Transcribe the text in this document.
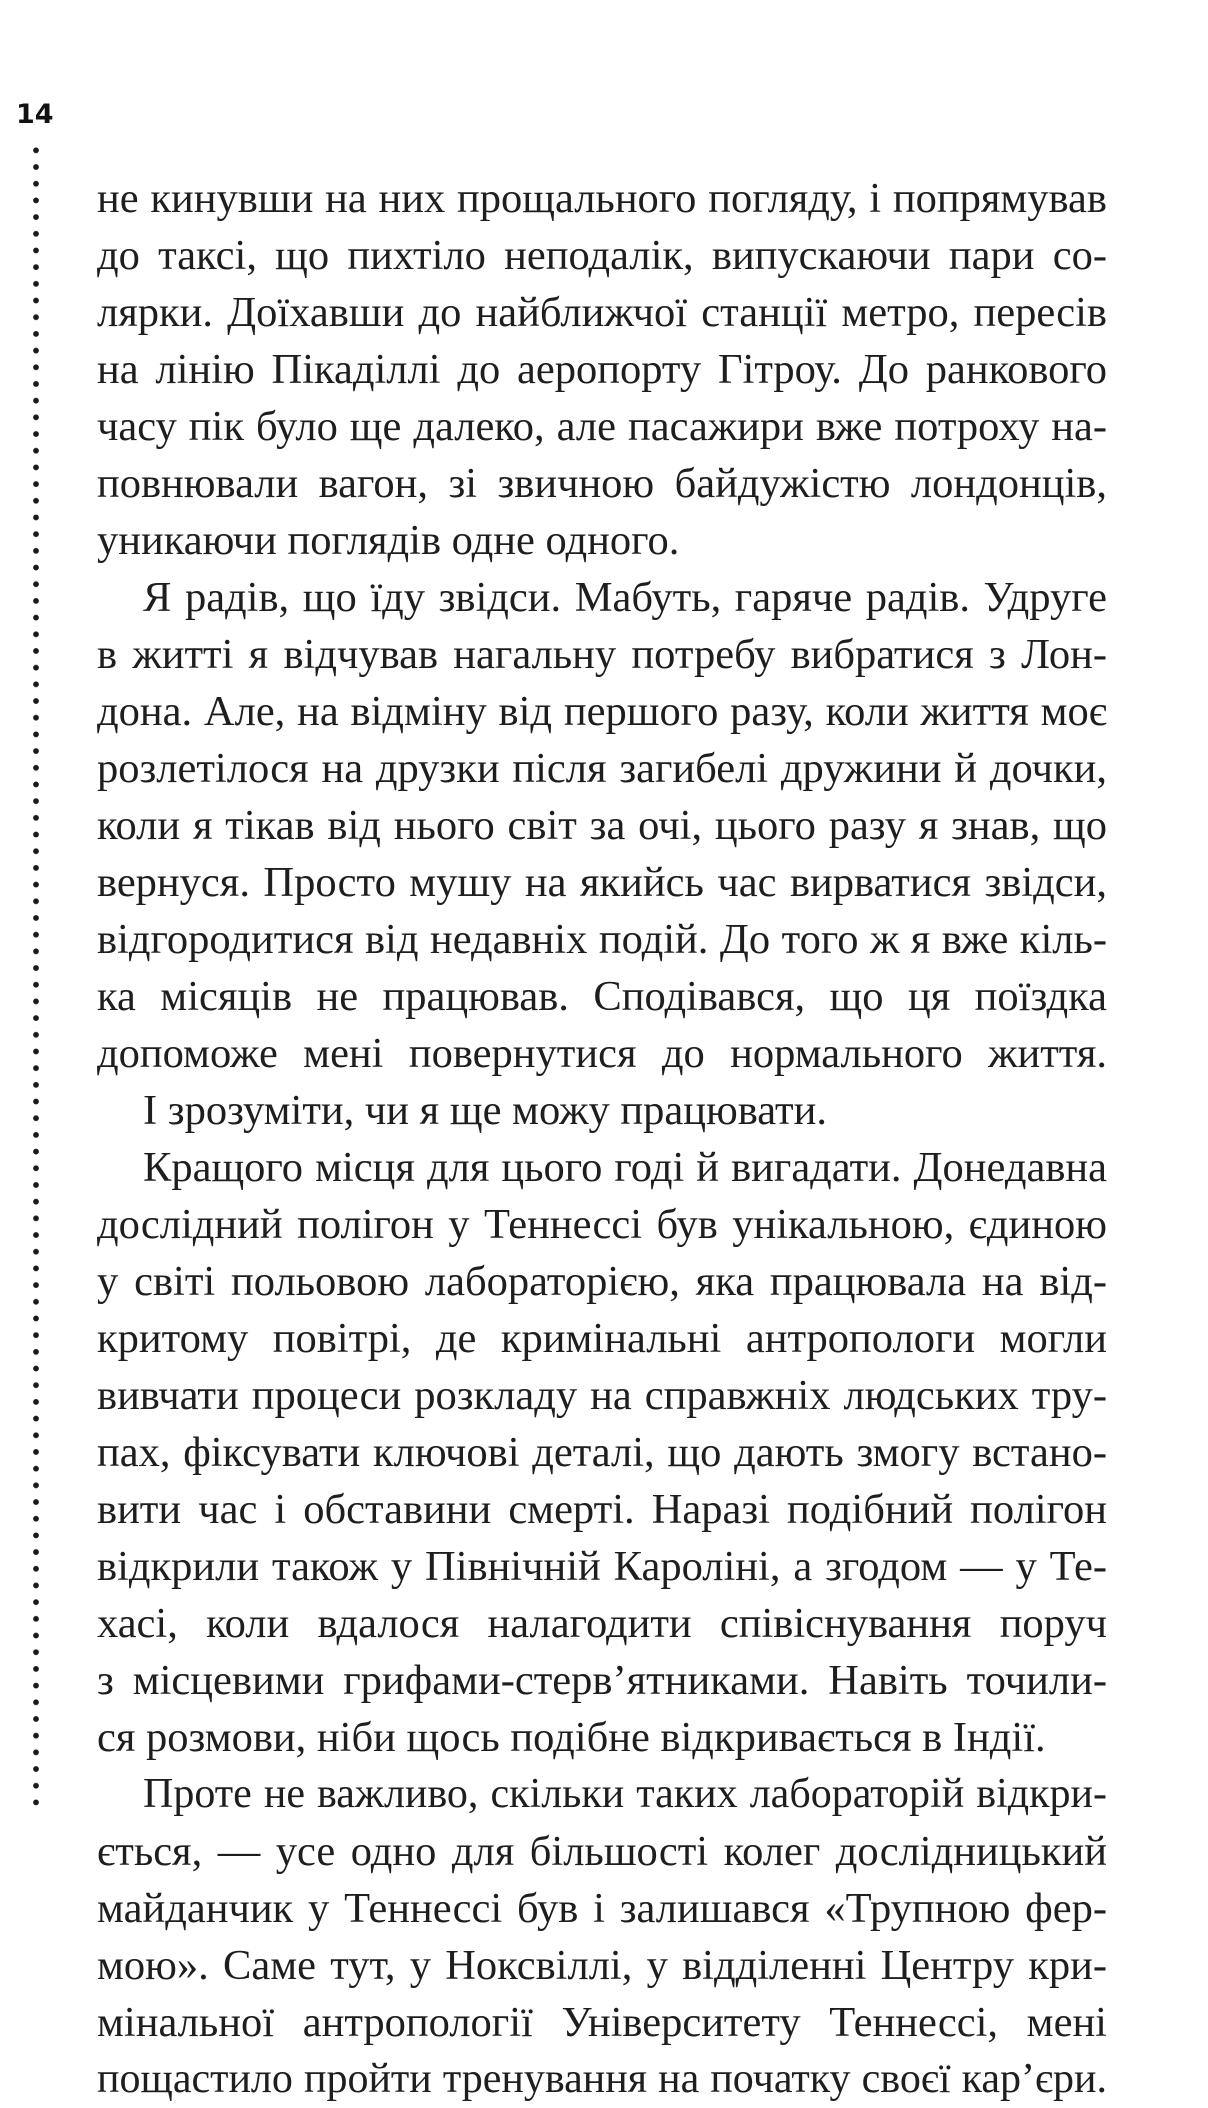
14
не кинувши на них прощального погляду, і попрямував
до таксі, що пихтіло неподалік, випускаючи пари со-
лярки. Доїхавши до найближчої станції метро, пересів
на лінію Пікаділлі до аеропорту Гітроу. До ранкового
часу пік було ще далеко, але пасажири вже потроху на-
повнювали вагон, зі звичною байдужістю лондонців,
уникаючи поглядів одне одного.
Я радів, що їду звідси. Мабуть, гаряче радів. Удруге
в житті я відчував нагальну потребу вибратися з Лон-
дона. Але, на відміну від першого разу, коли життя моє
розлетілося на друзки після загибелі дружини й дочки,
коли я тікав від нього світ за очі, цього разу я знав, що
вернуся. Просто мушу на якийсь час вирватися звідси,
відгородитися від недавніх подій. До того ж я вже кіль-
ка місяців не працював. Сподівався, що ця поїздка
допоможе мені повернутися до нормального життя.
І зрозуміти, чи я ще можу працювати.
Кращого місця для цього годі й вигадати. Донедавна
дослідний полігон у Теннессі був унікальною, єдиною
у світі польовою лабораторією, яка працювала на від-
критому повітрі, де кримінальні антропологи могли
вивчати процеси розкладу на справжніх людських тру-
пах, фіксувати ключові деталі, що дають змогу встано-
вити час і обставини смерті. Наразі подібний полігон
відкрили також у Північній Кароліні, а згодом — у Те-
хасі, коли вдалося налагодити співіснування поруч
з місцевими грифами-стерв’ятниками. Навіть точили-
ся розмови, ніби щось подібне відкривається в Індії.
Проте не важливо, скільки таких лабораторій відкри-
ється, — усе одно для більшості колег дослідницький
майданчик у Теннессі був і залишався «Трупною фер-
мою». Саме тут, у Ноксвіллі, у відділенні Центру кри-
мінальної антропології Університету Теннессі, мені
пощастило пройти тренування на початку своєї кар’єри.
